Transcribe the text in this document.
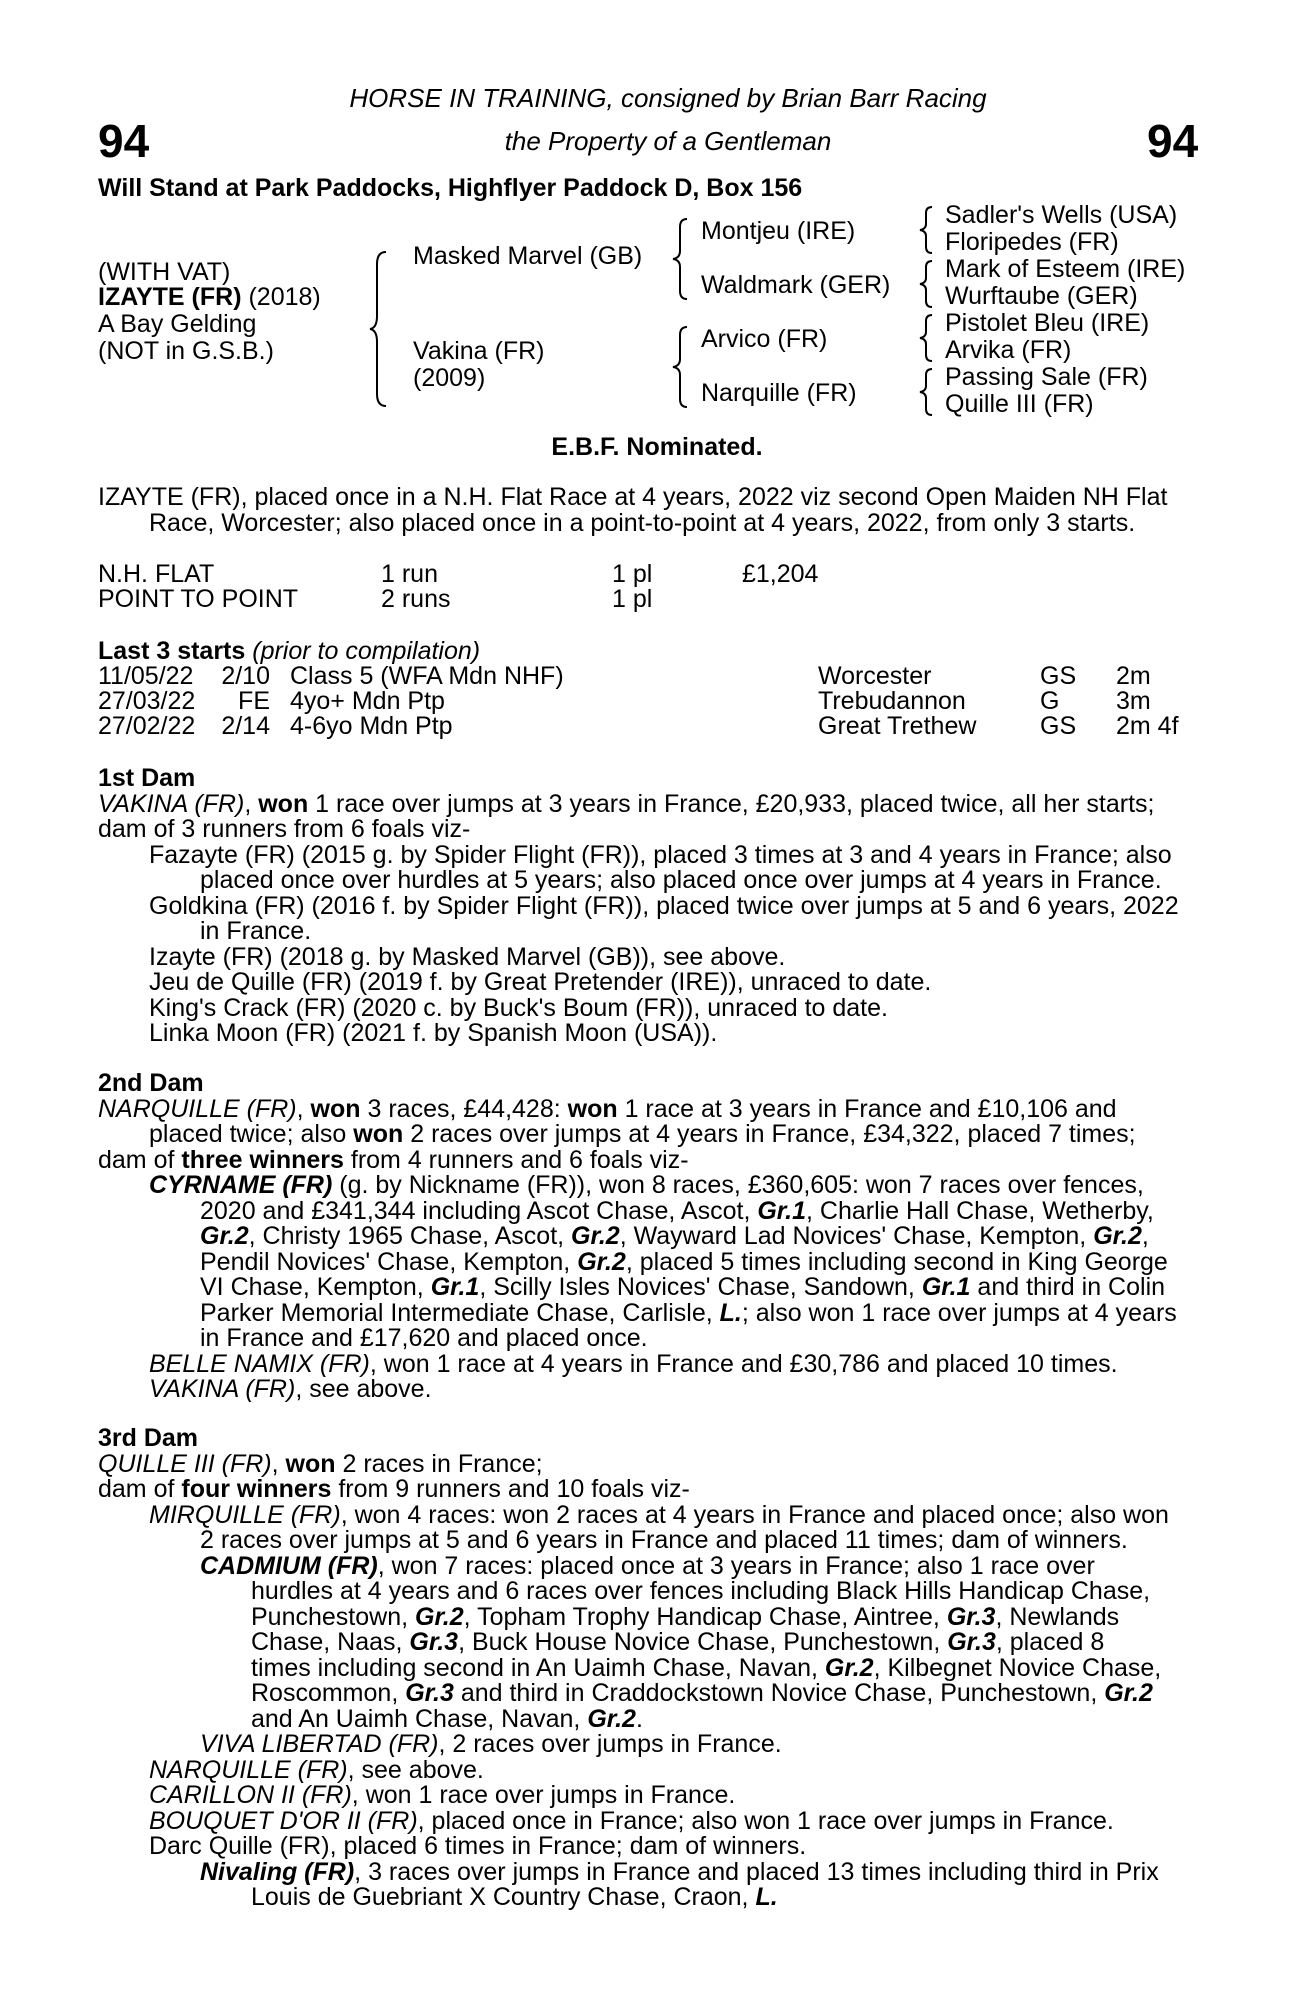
94	94
HORSE IN TRAINING, consigned by Brian Barr Racing
the Property of a Gentleman
Will Stand at Park Paddocks, Highflyer Paddock D, Box 156
(WITH VAT)
IZAYTE (FR) (2018)
A Bay Gelding
(NOT in G.S.B.)
Masked Marvel (GB)
Vakina (FR)
(2009)
Montjeu (IRE)
Waldmark (GER)
Arvico (FR)
Narquille (FR)
Sadler's Wells (USA)
Floripedes (FR)
Mark of Esteem (IRE)
Wurftaube (GER)
Pistolet Bleu (IRE)
Arvika (FR)
Passing Sale (FR)
Quille III (FR)
E.B.F. Nominated.
IZAYTE (FR), placed once in a N.H. Flat Race at 4 years, 2022 viz second Open Maiden NH Flat
Race, Worcester; also placed once in a point-to-point at 4 years, 2022, from only 3 starts.
N.H. FLAT	1 run	1 pl	£1,204
POINT TO POINT	2 runs	1 pl
Last 3 starts (prior to compilation)
11/05/22 2/10 Class 5 (WFA Mdn NHF)	Worcester	GS 2m
27/03/22	FE 4yo+ Mdn Ptp	Trebudannon	G 3m
27/02/22 2/14 4-6yo Mdn Ptp	Great Trethew	GS 2m 4f
1st Dam
VAKINA (FR), won 1 race over jumps at 3 years in France, £20,933, placed twice, all her starts;
dam of 3 runners from 6 foals viz-
Fazayte (FR) (2015 g. by Spider Flight (FR)), placed 3 times at 3 and 4 years in France; also
placed once over hurdles at 5 years; also placed once over jumps at 4 years in France.
Goldkina (FR) (2016 f. by Spider Flight (FR)), placed twice over jumps at 5 and 6 years, 2022
in France.
Izayte (FR) (2018 g. by Masked Marvel (GB)), see above.
Jeu de Quille (FR) (2019 f. by Great Pretender (IRE)), unraced to date.
King's Crack (FR) (2020 c. by Buck's Boum (FR)), unraced to date.
Linka Moon (FR) (2021 f. by Spanish Moon (USA)).
2nd Dam
NARQUILLE (FR), won 3 races, £44,428: won 1 race at 3 years in France and £10,106 and
placed twice; also won 2 races over jumps at 4 years in France, £34,322, placed 7 times;
dam of three winners from 4 runners and 6 foals viz-
CYRNAME (FR) (g. by Nickname (FR)), won 8 races, £360,605: won 7 races over fences,
2020 and £341,344 including Ascot Chase, Ascot, Gr.1, Charlie Hall Chase, Wetherby,
Gr.2, Christy 1965 Chase, Ascot, Gr.2, Wayward Lad Novices' Chase, Kempton, Gr.2,
Pendil Novices' Chase, Kempton, Gr.2, placed 5 times including second in King George
VI Chase, Kempton, Gr.1, Scilly Isles Novices' Chase, Sandown, Gr.1 and third in Colin
Parker Memorial Intermediate Chase, Carlisle, L.; also won 1 race over jumps at 4 years
in France and £17,620 and placed once.
BELLE NAMIX (FR), won 1 race at 4 years in France and £30,786 and placed 10 times.
VAKINA (FR), see above.
3rd Dam
QUILLE III (FR), won 2 races in France;
dam of four winners from 9 runners and 10 foals viz-
MIRQUILLE (FR), won 4 races: won 2 races at 4 years in France and placed once; also won
2 races over jumps at 5 and 6 years in France and placed 11 times; dam of winners.
CADMIUM (FR), won 7 races: placed once at 3 years in France; also 1 race over
hurdles at 4 years and 6 races over fences including Black Hills Handicap Chase,
Punchestown, Gr.2, Topham Trophy Handicap Chase, Aintree, Gr.3, Newlands
Chase, Naas, Gr.3, Buck House Novice Chase, Punchestown, Gr.3, placed 8
times including second in An Uaimh Chase, Navan, Gr.2, Kilbegnet Novice Chase,
Roscommon, Gr.3 and third in Craddockstown Novice Chase, Punchestown, Gr.2
and An Uaimh Chase, Navan, Gr.2.
VIVA LIBERTAD (FR), 2 races over jumps in France.
NARQUILLE (FR), see above.
CARILLON II (FR), won 1 race over jumps in France.
BOUQUET D'OR II (FR), placed once in France; also won 1 race over jumps in France.
Darc Quille (FR), placed 6 times in France; dam of winners.
Nivaling (FR), 3 races over jumps in France and placed 13 times including third in Prix
Louis de Guebriant X Country Chase, Craon, L.
